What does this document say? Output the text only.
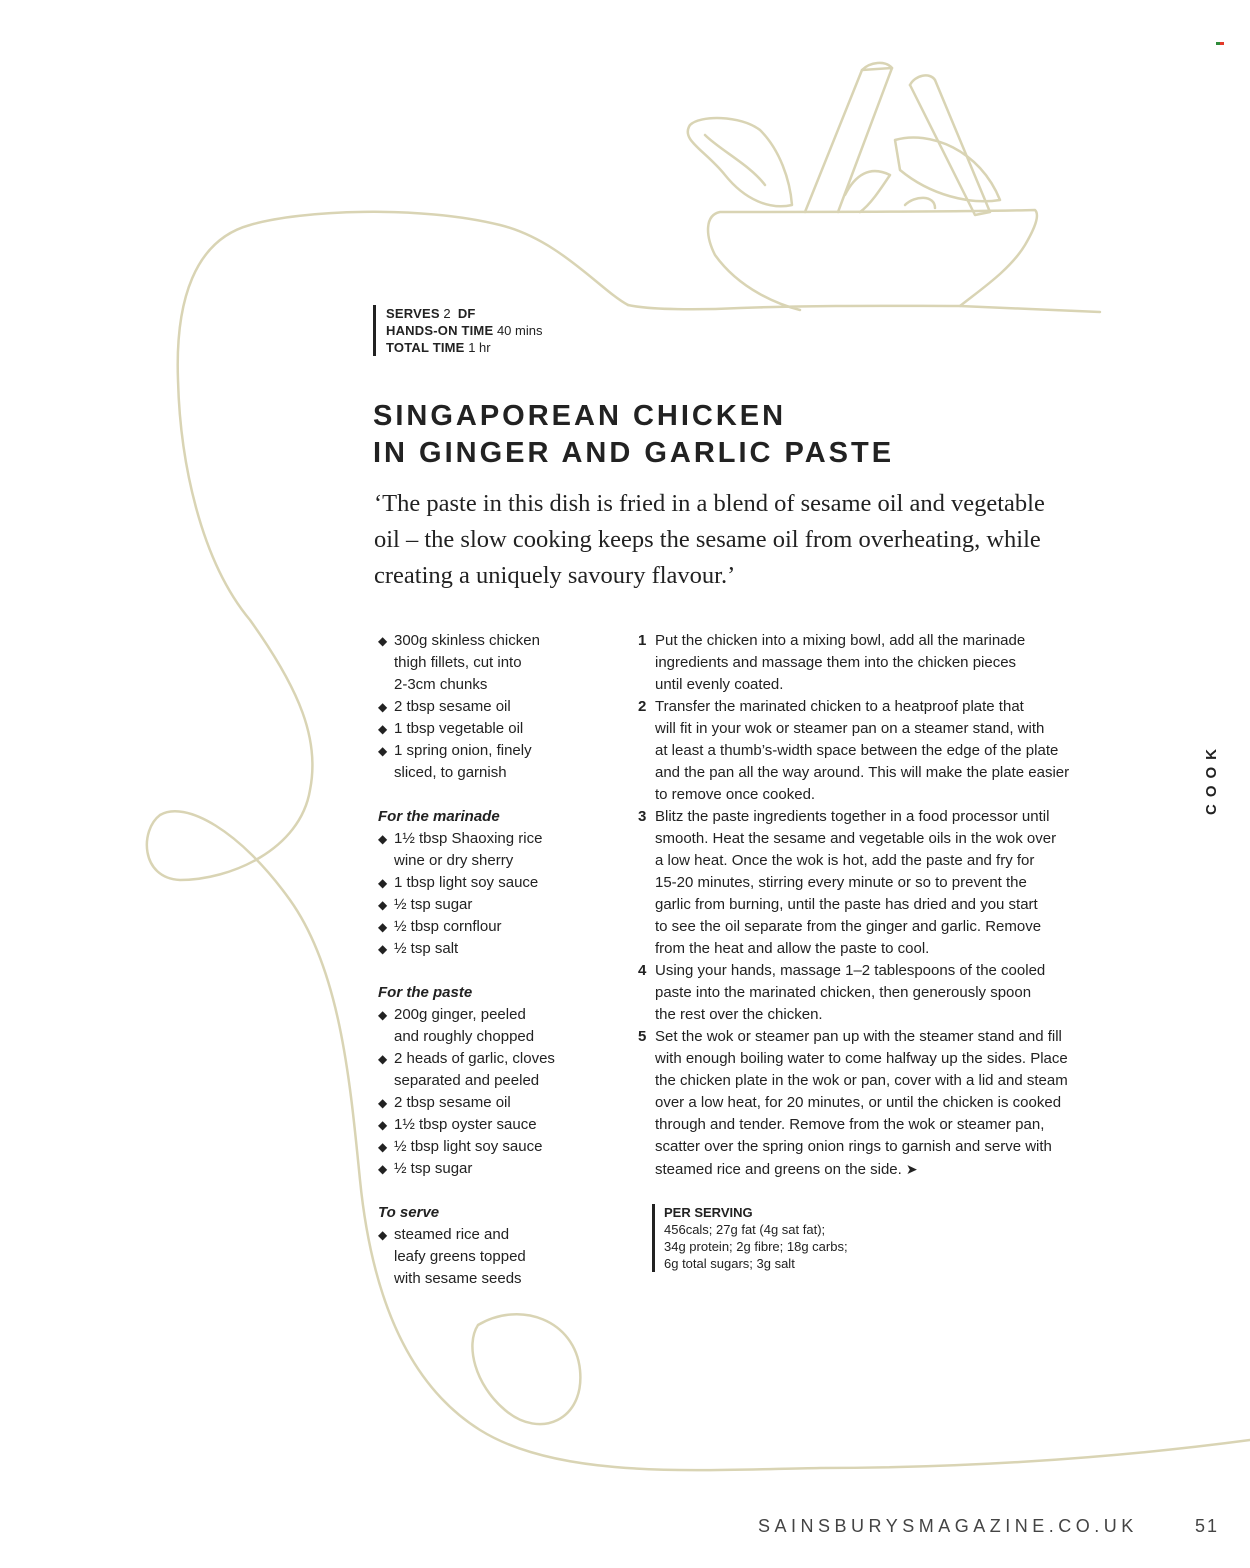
SERVES 2 DF
HANDS-ON TIME 40 mins
TOTAL TIME 1 hr
SINGAPOREAN CHICKEN
IN GINGER AND GARLIC PASTE

‘The paste in this dish is fried in a blend of sesame oil and vegetable
oil – the slow cooking keeps the sesame oil from overheating, while
creating a uniquely savoury flavour.’

◆ 300g skinless chicken
thigh fillets, cut into
2-3cm chunks
◆ 2 tbsp sesame oil
◆ 1 tbsp vegetable oil
◆ 1 spring onion, finely
sliced, to garnish

For the marinade

◆ 1½ tbsp Shaoxing rice
wine or dry sherry
◆ 1 tbsp light soy sauce
◆ ½ tsp sugar
◆ ½ tbsp cornflour
◆ ½ tsp salt

For the paste

◆ 200g ginger, peeled
and roughly chopped
◆ 2 heads of garlic, cloves
separated and peeled
◆ 2 tbsp sesame oil
◆ 1½ tbsp oyster sauce
◆ ½ tbsp light soy sauce
◆ ½ tsp sugar

To serve

◆ steamed rice and
leafy greens topped
with sesame seeds
1 Put the chicken into a mixing bowl, add all the marinade
ingredients and massage them into the chicken pieces
until evenly coated.
2 Transfer the marinated chicken to a heatproof plate that
will fit in your wok or steamer pan on a steamer stand, with
at least a thumb’s-width space between the edge of the plate
and the pan all the way around. This will make the plate easier
to remove once cooked.
3 Blitz the paste ingredients together in a food processor until
smooth. Heat the sesame and vegetable oils in the wok over
a low heat. Once the wok is hot, add the paste and fry for
15-20 minutes, stirring every minute or so to prevent the
garlic from burning, until the paste has dried and you start
to see the oil separate from the ginger and garlic. Remove
from the heat and allow the paste to cool.
4 Using your hands, massage 1–2 tablespoons of the cooled
paste into the marinated chicken, then generously spoon
the rest over the chicken.
5 Set the wok or steamer pan up with the steamer stand and fill
with enough boiling water to come halfway up the sides. Place
the chicken plate in the wok or pan, cover with a lid and steam
over a low heat, for 20 minutes, or until the chicken is cooked
through and tender. Remove from the wok or steamer pan,
scatter over the spring onion rings to garnish and serve with
steamed rice and greens on the side. ➤
PER SERVING
456cals; 27g fat (4g sat fat);
34g protein; 2g fibre; 18g carbs;
6g total sugars; 3g salt
COOK
SAINSBURYSMAGAZINE.CO.UK	51
